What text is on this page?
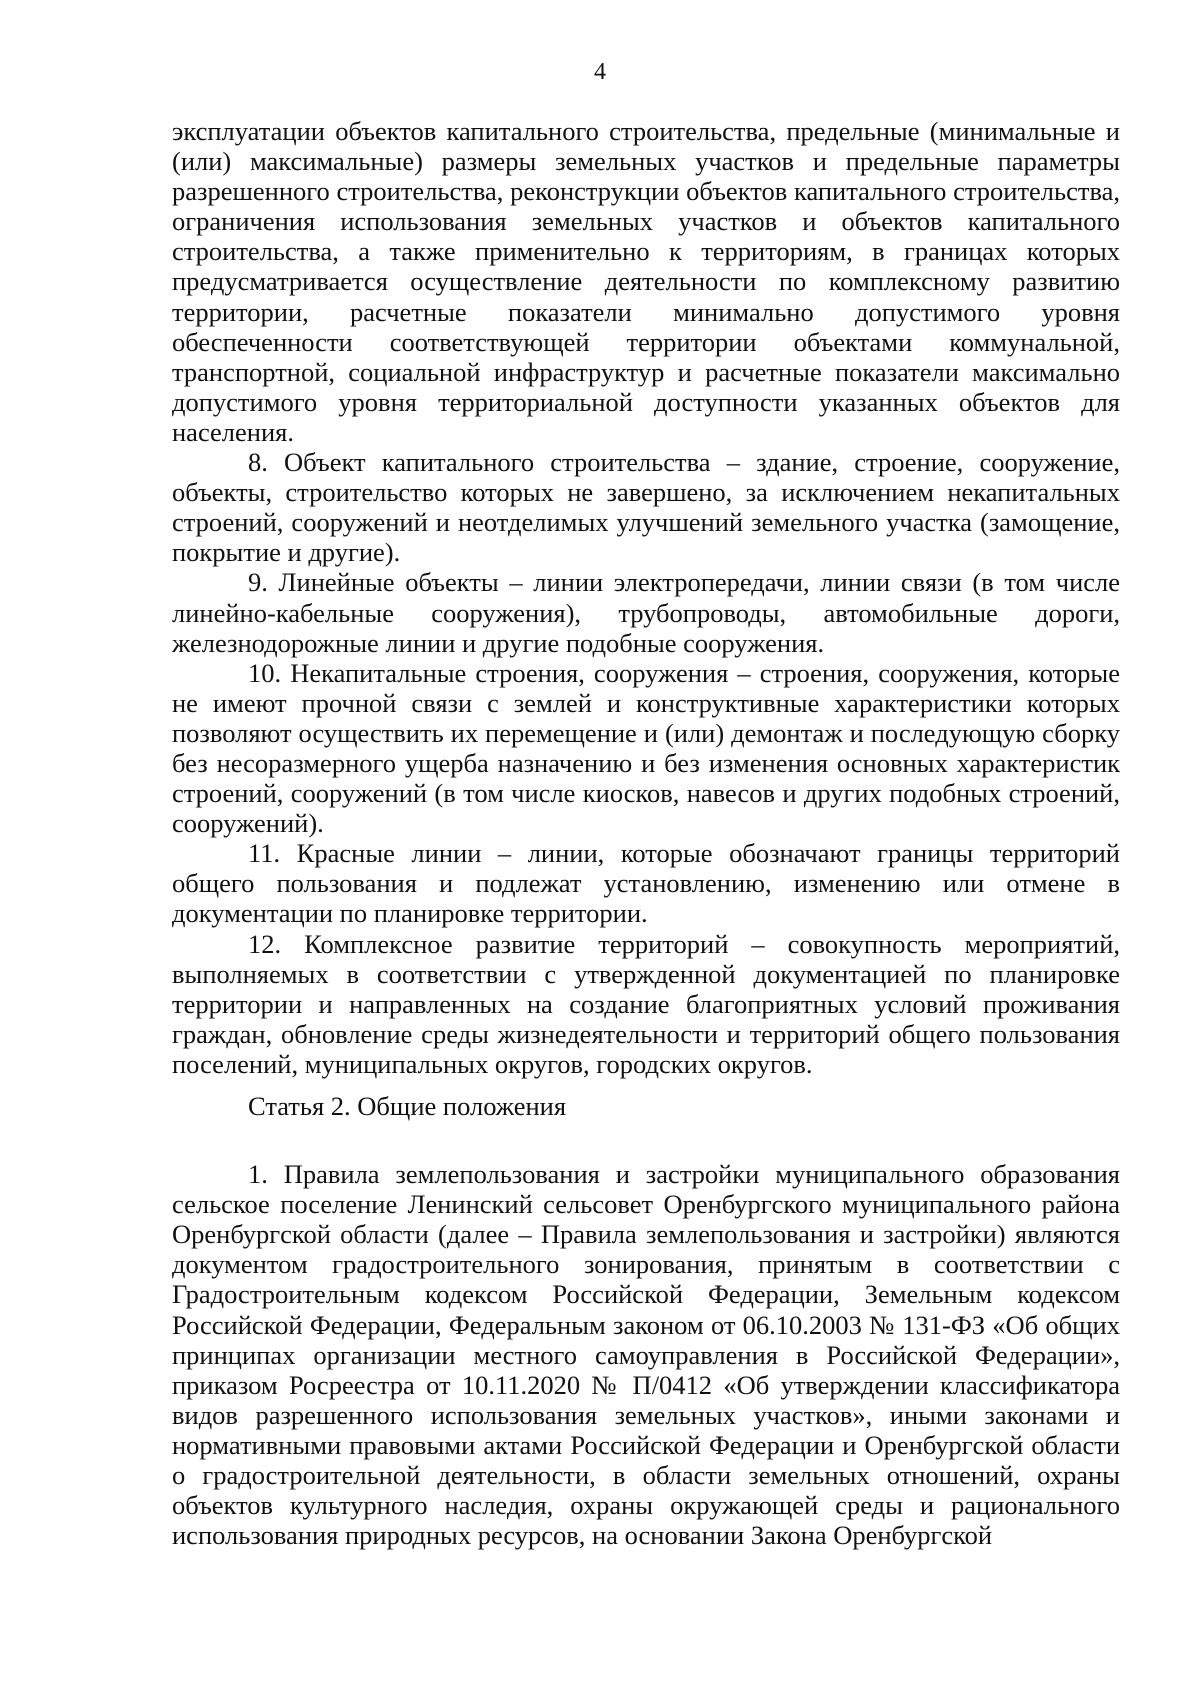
4

эксплуатации объектов капитального строительства, предельные (минимальные и (или) максимальные) размеры земельных участков и предельные параметры разрешенного строительства, реконструкции объектов капитального строительства, ограничения использования земельных участков и объектов капитального строительства, а также применительно к территориям, в границах которых предусматривается осуществление деятельности по комплексному развитию территории, расчетные показатели минимально допустимого уровня обеспеченности соответствующей территории объектами коммунальной, транспортной, социальной инфраструктур и расчетные показатели максимально допустимого уровня территориальной доступности указанных объектов для населения.

8. Объект капитального строительства – здание, строение, сооружение, объекты, строительство которых не завершено, за исключением некапитальных строений, сооружений и неотделимых улучшений земельного участка (замощение, покрытие и другие).

9. Линейные объекты – линии электропередачи, линии связи (в том числе линейно-кабельные сооружения), трубопроводы, автомобильные дороги, железнодорожные линии и другие подобные сооружения.

10. Некапитальные строения, сооружения – строения, сооружения, которые не имеют прочной связи с землей и конструктивные характеристики которых позволяют осуществить их перемещение и (или) демонтаж и последующую сборку без несоразмерного ущерба назначению и без изменения основных характеристик строений, сооружений (в том числе киосков, навесов и других подобных строений, сооружений).

11. Красные линии – линии, которые обозначают границы территорий общего пользования и подлежат установлению, изменению или отмене в документации по планировке территории.

12. Комплексное развитие территорий – совокупность мероприятий, выполняемых в соответствии с утвержденной документацией по планировке территории и направленных на создание благоприятных условий проживания граждан, обновление среды жизнедеятельности и территорий общего пользования поселений, муниципальных округов, городских округов.

Статья 2. Общие положения

1. Правила землепользования и застройки муниципального образования сельское поселение Ленинский сельсовет Оренбургского муниципального района Оренбургской области (далее – Правила землепользования и застройки) являются документом градостроительного зонирования, принятым в соответствии с Градостроительным кодексом Российской Федерации, Земельным кодексом Российской Федерации, Федеральным законом от 06.10.2003 № 131-ФЗ «Об общих принципах организации местного самоуправления в Российской Федерации», приказом Росреестра от 10.11.2020 № П/0412 «Об утверждении классификатора видов разрешенного использования земельных участков», иными законами и нормативными правовыми актами Российской Федерации и Оренбургской области о градостроительной деятельности, в области земельных отношений, охраны объектов культурного наследия, охраны окружающей среды и рационального использования природных ресурсов, на основании Закона Оренбургской
